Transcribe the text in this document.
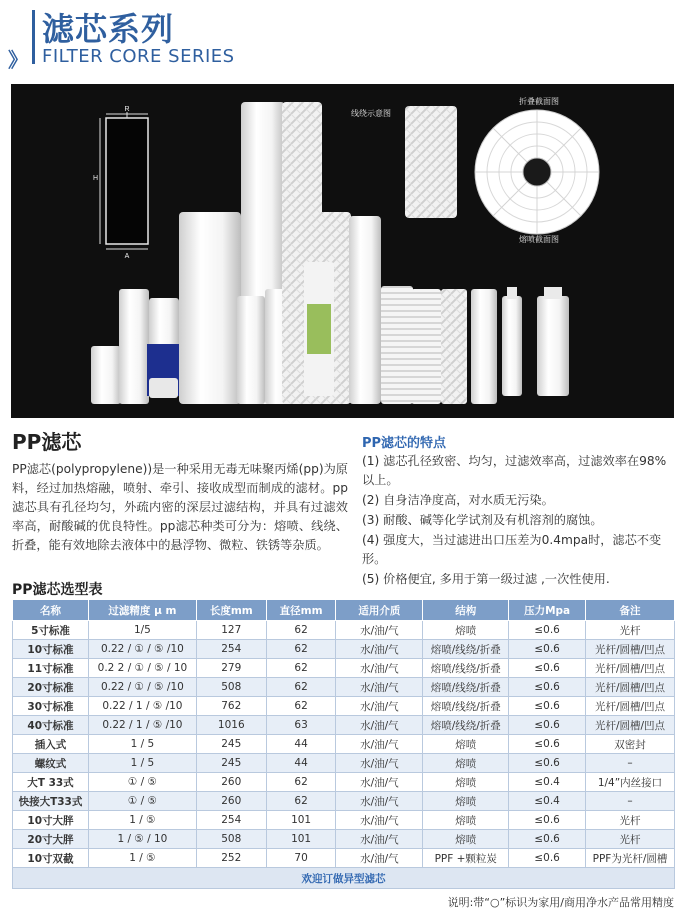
》
滤芯系列
FILTER CORE SERIES
R
H
A
线绕示意图
折叠截面图
熔喷截面图
PP滤芯
PP滤芯(polypropylene))是一种采用无毒无味聚丙烯(pp)为原料，经过加热熔融，喷射、牵引、接收成型而制成的滤材。pp滤芯具有孔径均匀，外疏内密的深层过滤结构，并具有过滤效率高，耐酸碱的优良特性。pp滤芯种类可分为：熔喷、线绕、折叠，能有效地除去液体中的悬浮物、微粒、铁锈等杂质。
PP滤芯的特点
(1) 滤芯孔径致密、均匀，过滤效率高，过滤效率在98%以上。
(2) 自身洁净度高，对水质无污染。
(3) 耐酸、碱等化学试剂及有机溶剂的腐蚀。
(4) 强度大，当过滤进出口压差为0.4mpa时，滤芯不变形。
(5) 价格便宜, 多用于第一级过滤 ,一次性使用.
PP滤芯选型表
名称	过滤精度 μ m	长度mm	直径mm	适用介质	结构	压力Mpa	备注
5寸标准	1/5	127	62	水/油/气	熔喷	≤0.6	光杆
10寸标准	0.22 / ① / ⑤ /10	254	62	水/油/气	熔喷/线绕/折叠	≤0.6	光杆/圆槽/凹点
11寸标准	0.2 2 / ① / ⑤ / 10	279	62	水/油/气	熔喷/线绕/折叠	≤0.6	光杆/圆槽/凹点
20寸标准	0.22 / ① / ⑤ /10	508	62	水/油/气	熔喷/线绕/折叠	≤0.6	光杆/圆槽/凹点
30寸标准	0.22 / 1 / ⑤ /10	762	62	水/油/气	熔喷/线绕/折叠	≤0.6	光杆/圆槽/凹点
40寸标准	0.22 / 1 / ⑤ /10	1016	63	水/油/气	熔喷/线绕/折叠	≤0.6	光杆/圆槽/凹点
插入式	1 / 5	245	44	水/油/气	熔喷	≤0.6	双密封
螺纹式	1 / 5	245	44	水/油/气	熔喷	≤0.6	–
大T 33式	① / ⑤	260	62	水/油/气	熔喷	≤0.4	1/4”内丝接口
快接大T33式	① / ⑤	260	62	水/油/气	熔喷	≤0.4	–
10寸大胖	1 / ⑤	254	101	水/油/气	熔喷	≤0.6	光杆
20寸大胖	1 / ⑤ / 10	508	101	水/油/气	熔喷	≤0.6	光杆
10寸双截	1 / ⑤	252	70	水/油/气	PPF +颗粒炭	≤0.6	PPF为光杆/圆槽
欢迎订做异型滤芯							
说明:带“○”标识为家用/商用净水产品常用精度
